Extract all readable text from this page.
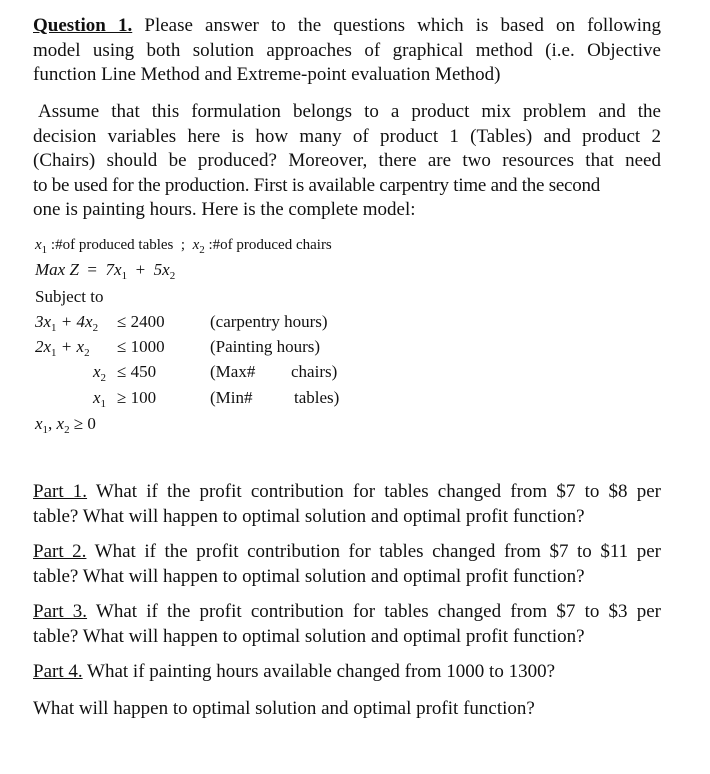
Question 1. Please answer to the questions which is based on following
model using both solution approaches of graphical method (i.e. Objective
function Line Method and Extreme-point evaluation Method)
Assume that this formulation belongs to a product mix problem and the
decision variables here is how many of product 1 (Tables) and product 2
(Chairs) should be produced? Moreover, there are two resources that need
to be used for the production. First is available carpentry time and the second
one is painting hours. Here is the complete model:
$x_1$ :#of produced tables ; $x_2$ :#of produced chairs
Max $Z = 7x_1 + 5x_2$
Subject to
$3x_1 + 4x_2 \le 2400$	(carpentry hours)
$2x_1 + x_2 \le 1000$	(Painting hours)
$x_2 \le 450$	(Max# chairs)
$x_1 \ge 100$	(Min# tables)
$x_1$, $x_2 \ge 0$
Part 1. What if the profit contribution for tables changed from $7 to $8 per
table? What will happen to optimal solution and optimal profit function?
Part 2. What if the profit contribution for tables changed from $7 to $11 per
table? What will happen to optimal solution and optimal profit function?
Part 3. What if the profit contribution for tables changed from $7 to $3 per
table? What will happen to optimal solution and optimal profit function?
Part 4. What if painting hours available changed from 1000 to 1300?
What will happen to optimal solution and optimal profit function?
